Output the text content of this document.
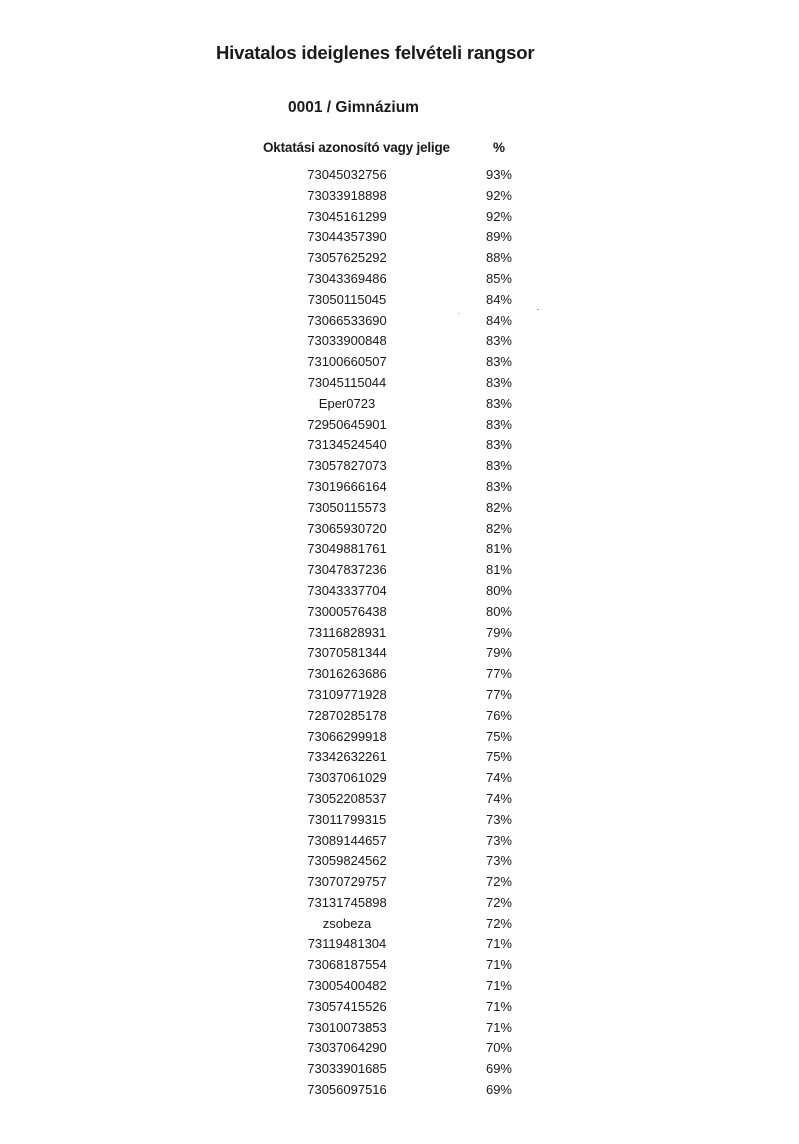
Hivatalos ideiglenes felvételi rangsor
0001 / Gimnázium
Oktatási azonosító vagy jelige	%
73045032756	93%
73033918898	92%
73045161299	92%
73044357390	89%
73057625292	88%
73043369486	85%
73050115045	84%
73066533690	84%
73033900848	83%
73100660507	83%
73045115044	83%
Eper0723	83%
72950645901	83%
73134524540	83%
73057827073	83%
73019666164	83%
73050115573	82%
73065930720	82%
73049881761	81%
73047837236	81%
73043337704	80%
73000576438	80%
73116828931	79%
73070581344	79%
73016263686	77%
73109771928	77%
72870285178	76%
73066299918	75%
73342632261	75%
73037061029	74%
73052208537	74%
73011799315	73%
73089144657	73%
73059824562	73%
73070729757	72%
73131745898	72%
zsobeza	72%
73119481304	71%
73068187554	71%
73005400482	71%
73057415526	71%
73010073853	71%
73037064290	70%
73033901685	69%
73056097516	69%
